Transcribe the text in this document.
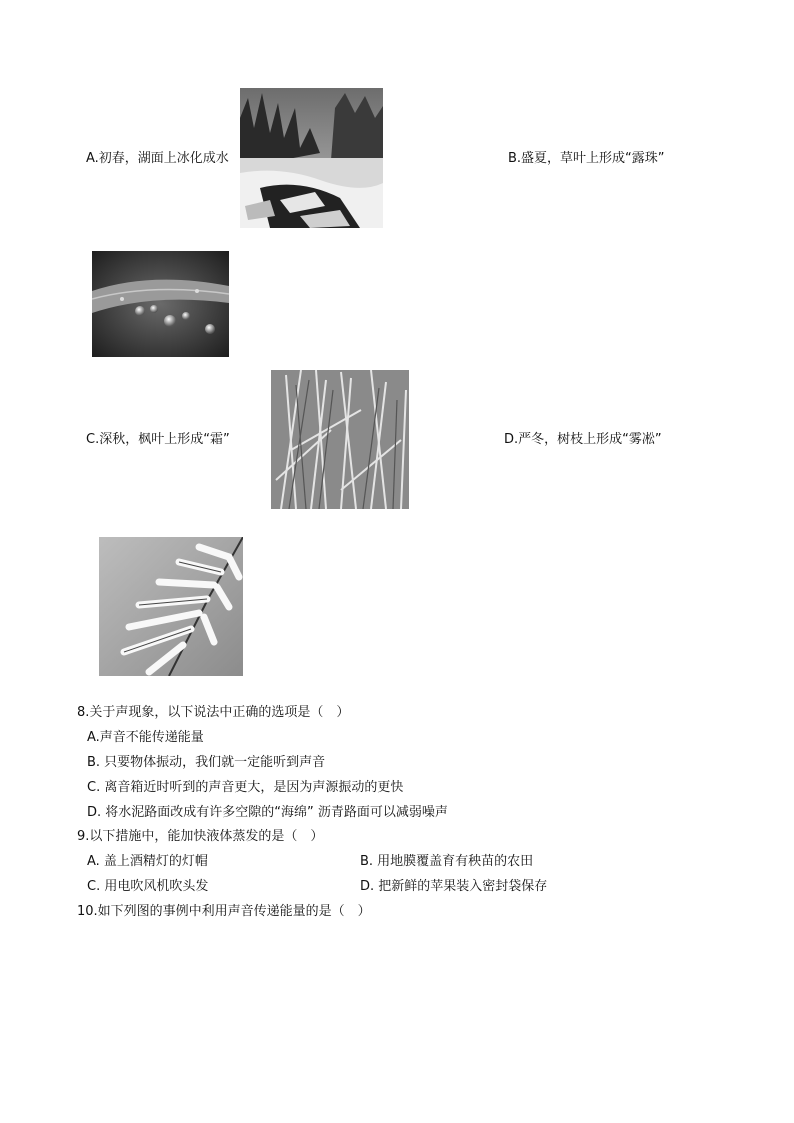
A.初春，湖面上冰化成水	B.盛夏，草叶上形成“露珠”
C.深秋，枫叶上形成“霜”	D.严冬，树枝上形成“雾凇”
8.关于声现象，以下说法中正确的选项是（　）
A.声音不能传递能量
B. 只要物体振动，我们就一定能听到声音
C. 离音箱近时听到的声音更大，是因为声源振动的更快
D. 将水泥路面改成有许多空隙的“海绵” 沥青路面可以减弱噪声
9.以下措施中，能加快液体蒸发的是（　）
A. 盖上酒精灯的灯帽	B. 用地膜覆盖育有秧苗的农田
C. 用电吹风机吹头发	D. 把新鲜的苹果装入密封袋保存
10.如下列图的事例中利用声音传递能量的是（　）
